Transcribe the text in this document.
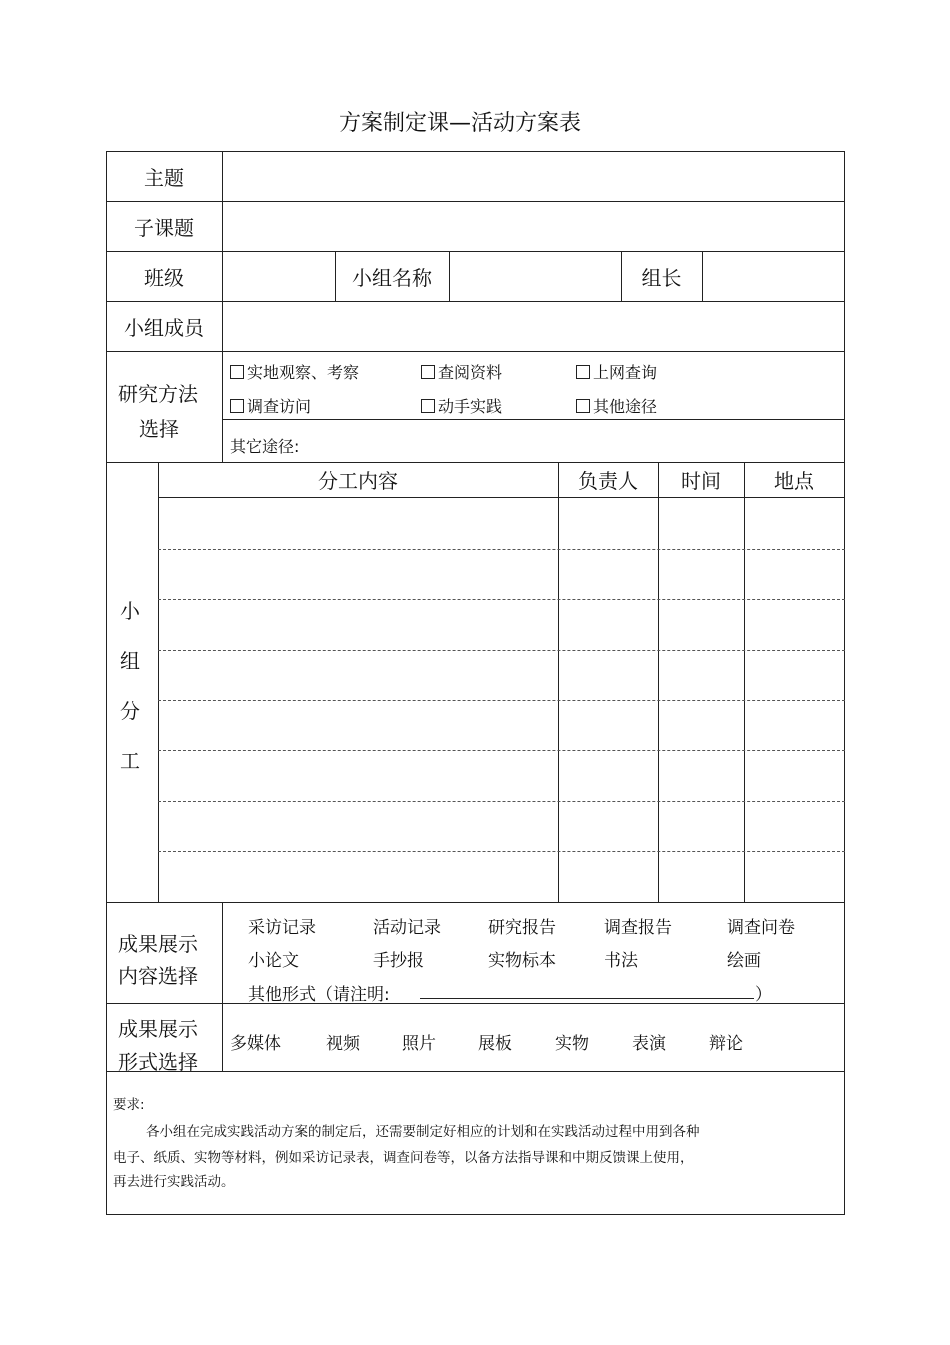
方案制定课—活动方案表
主题
子课题
班级	小组名称	组长
小组成员
研究方法
选择
实地观察、考察	查阅资料	上网查询
调查访问	动手实践	其他途径
其它途径:
小
组
分
工
分工内容	负责人	时间	地点
成果展示
内容选择
采访记录	活动记录	研究报告	调查报告	调查问卷
小论文	手抄报	实物标本	书法	绘画
其他形式（请注明:	）
成果展示
形式选择
多媒体	视频 照片 展板	实物	表演	辩论
要求:
各小组在完成实践活动方案的制定后，还需要制定好相应的计划和在实践活动过程中用到各种
电子、纸质、实物等材料，例如采访记录表，调查问卷等，以备方法指导课和中期反馈课上使用，
再去进行实践活动。
